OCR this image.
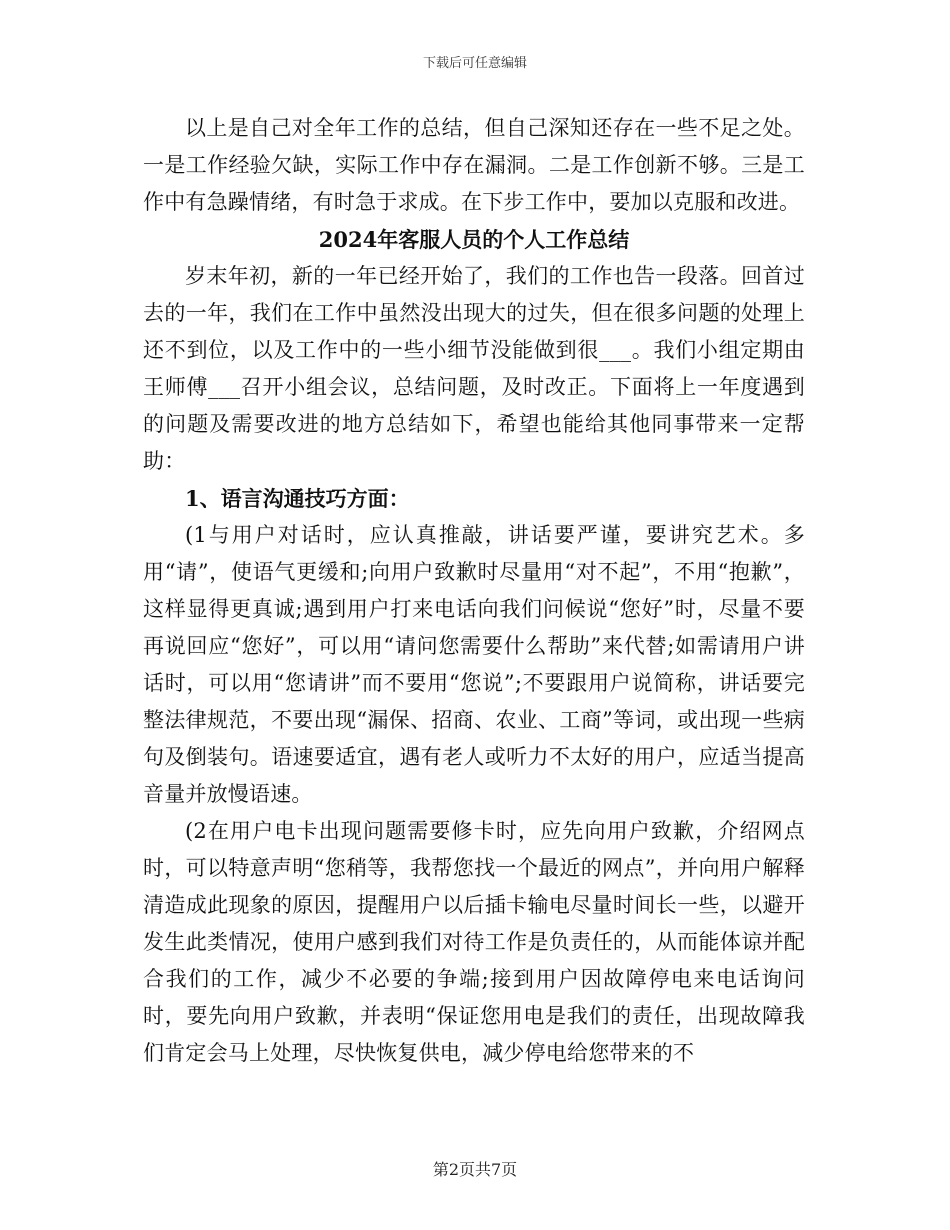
下载后可任意编辑

以上是自己对全年工作的总结，但自己深知还存在一些不足之处。一是工作经验欠缺，实际工作中存在漏洞。二是工作创新不够。三是工作中有急躁情绪，有时急于求成。在下步工作中，要加以克服和改进。

2024年客服人员的个人工作总结

岁末年初，新的一年已经开始了，我们的工作也告一段落。回首过去的一年，我们在工作中虽然没出现大的过失，但在很多问题的处理上还不到位，以及工作中的一些小细节没能做到很___。我们小组定期由王师傅___召开小组会议，总结问题，及时改正。下面将上一年度遇到的问题及需要改进的地方总结如下，希望也能给其他同事带来一定帮助：

1、语言沟通技巧方面：

(1与用户对话时，应认真推敲，讲话要严谨，要讲究艺术。多用“请”，使语气更缓和;向用户致歉时尽量用“对不起”，不用“抱歉”，这样显得更真诚;遇到用户打来电话向我们问候说“您好”时，尽量不要再说回应“您好”，可以用“请问您需要什么帮助”来代替;如需请用户讲话时，可以用“您请讲”而不要用“您说”;不要跟用户说简称，讲话要完整法律规范，不要出现“漏保、招商、农业、工商”等词，或出现一些病句及倒装句。语速要适宜，遇有老人或听力不太好的用户，应适当提高音量并放慢语速。

(2在用户电卡出现问题需要修卡时，应先向用户致歉，介绍网点时，可以特意声明“您稍等，我帮您找一个最近的网点”，并向用户解释清造成此现象的原因，提醒用户以后插卡输电尽量时间长一些，以避开发生此类情况，使用户感到我们对待工作是负责任的，从而能体谅并配合我们的工作，减少不必要的争端;接到用户因故障停电来电话询问时，要先向用户致歉，并表明“保证您用电是我们的责任，出现故障我们肯定会马上处理，尽快恢复供电，减少停电给您带来的不

第2页共7页
